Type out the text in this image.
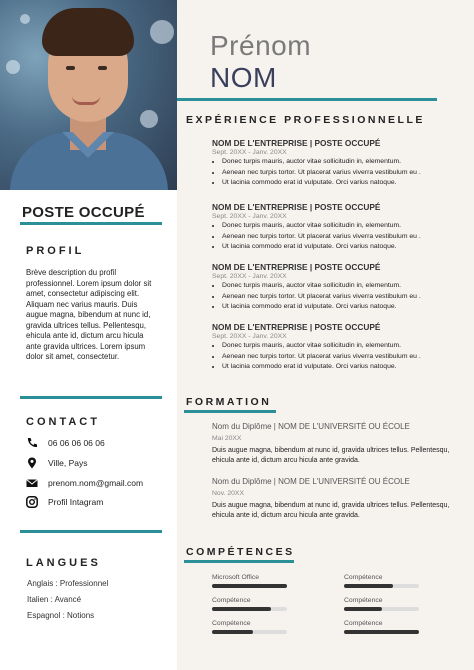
POSTE OCCUPÉ
PROFIL
Brève description du profil professionnel. Lorem ipsum dolor sit amet, consectetur adipiscing elit. Aliquam nec varius mauris. Duis augue magna, bibendum at nunc id, gravida ultrices tellus. Pellentesqu, ehicula ante id, dictum arcu hicula ante gravida ultrices. Lorem ipsum dolor sit amet, consectetur.
CONTACT
06 06 06 06 06
Ville, Pays
prenom.nom@gmail.com
Profil Intagram
LANGUES
Anglais : Professionnel
Italien : Avancé
Espagnol : Notions
Prénom
NOM
EXPÉRIENCE PROFESSIONNELLE
NOM DE L'ENTREPRISE | POSTE OCCUPÉ
Sept. 20XX - Janv. 20XX
• Donec turpis mauris, auctor vitae sollicitudin in, elementum.
• Aenean nec turpis tortor. Ut placerat varius viverra vestibulum eu .
• Ut lacinia commodo erat id vulputate. Orci varius natoque.
NOM DE L'ENTREPRISE | POSTE OCCUPÉ
Sept. 20XX - Janv. 20XX
• Donec turpis mauris, auctor vitae sollicitudin in, elementum.
• Aenean nec turpis tortor. Ut placerat varius viverra vestibulum eu .
• Ut lacinia commodo erat id vulputate. Orci varius natoque.
NOM DE L'ENTREPRISE | POSTE OCCUPÉ
Sept. 20XX - Janv. 20XX
• Donec turpis mauris, auctor vitae sollicitudin in, elementum.
• Aenean nec turpis tortor. Ut placerat varius viverra vestibulum eu .
• Ut lacinia commodo erat id vulputate. Orci varius natoque.
NOM DE L'ENTREPRISE | POSTE OCCUPÉ
Sept. 20XX - Janv. 20XX
• Donec turpis mauris, auctor vitae sollicitudin in, elementum.
• Aenean nec turpis tortor. Ut placerat varius viverra vestibulum eu .
• Ut lacinia commodo erat id vulputate. Orci varius natoque.
FORMATION
Nom du Diplôme | NOM DE L'UNIVERSITÉ OU ÉCOLE
Mai 20XX
Duis augue magna, bibendum at nunc id, gravida ultrices tellus. Pellentesqu, ehicula ante id, dictum arcu hicula ante gravida.
Nom du Diplôme | NOM DE L'UNIVERSITÉ OU ÉCOLE
Nov. 20XX
Duis augue magna, bibendum at nunc id, gravida ultrices tellus. Pellentesqu, ehicula ante id, dictum arcu hicula ante gravida.
COMPÉTENCES
Microsoft Office	Compétence
Compétence	Compétence
Compétence	Compétence
